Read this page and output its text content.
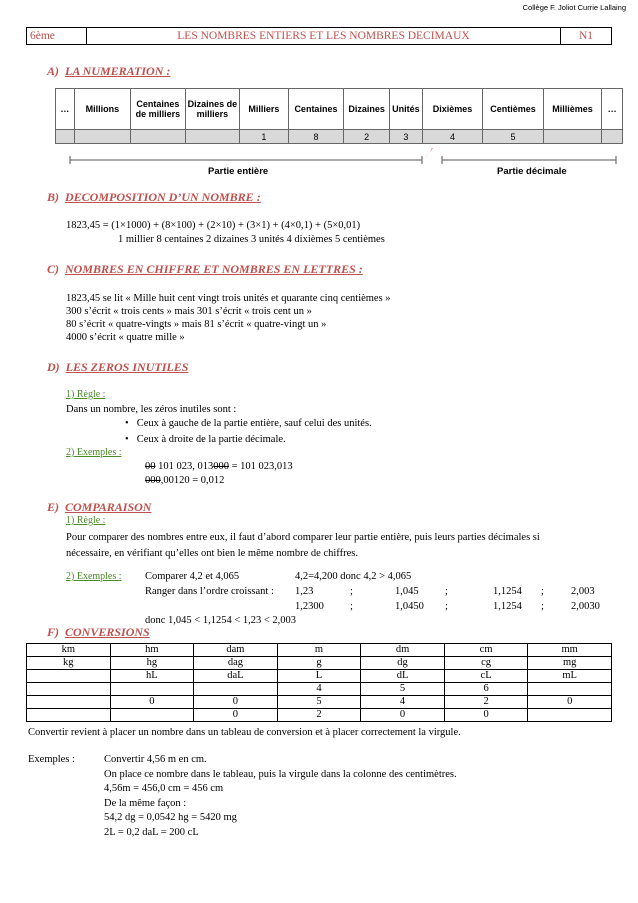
Collège F. Joliot Currie Lallaing
6ème	LES NOMBRES ENTIERS ET LES NOMBRES DECIMAUX	N1
A) LA NUMERATION :
…	Millions	Centaines de milliers	Dizaines de milliers	Milliers	Centaines	Dizaines	Unités	Dixièmes	Centièmes	Millièmes	…
				1	8	2	3	4	5		
Partie entière	Partie décimale
B) DECOMPOSITION D’UN NOMBRE :
1823,45 = (1×1000) + (8×100) + (2×10) + (3×1) + (4×0,1) + (5×0,01)
1 millier 8 centaines 2 dizaines 3 unités 4 dixièmes 5 centièmes
C) NOMBRES EN CHIFFRE ET NOMBRES EN LETTRES :
1823,45 se lit « Mille huit cent vingt trois unités et quarante cinq centièmes »
300 s’écrit « trois cents » mais 301 s’écrit « trois cent un »
80 s’écrit « quatre-vingts » mais 81 s’écrit « quatre-vingt un »
4000 s’écrit « quatre mille »
D) LES ZEROS INUTILES
1) Règle :
Dans un nombre, les zéros inutiles sont :
• Ceux à gauche de la partie entière, sauf celui des unités.
• Ceux à droite de la partie décimale.
2) Exemples :
00 101 023, 013000 = 101 023,013
000,00120 = 0,012
E) COMPARAISON
1) Règle :
Pour comparer des nombres entre eux, il faut d’abord comparer leur partie entière, puis leurs parties décimales si
nécessaire, en vérifiant qu’elles ont bien le même nombre de chiffres.
2) Exemples : Comparer 4,2 et 4,065	4,2=4,200 donc 4,2 > 4,065
Ranger dans l’ordre croissant : 1,23	;	1,045	;	1,1254 ;	2,003
1,2300 ;	1,0450 ;	1,1254 ;	2,0030
donc 1,045 < 1,1254 < 1,23 < 2,003
F) CONVERSIONS
km	hm	dam	m	dm	cm	mm
kg	hg	dag	g	dg	cg	mg
	hL	daL	L	dL	cL	mL
			4	5	6	
	0	0	5	4	2	0
		0	2	0	0	
Convertir revient à placer un nombre dans un tableau de conversion et à placer correctement la virgule.
Exemples :	Convertir 4,56 m en cm.
On place ce nombre dans le tableau, puis la virgule dans la colonne des centimètres.
4,56m = 456,0 cm = 456 cm
De la même façon :
54,2 dg = 0,0542 hg = 5420 mg
2L = 0,2 daL = 200 cL
